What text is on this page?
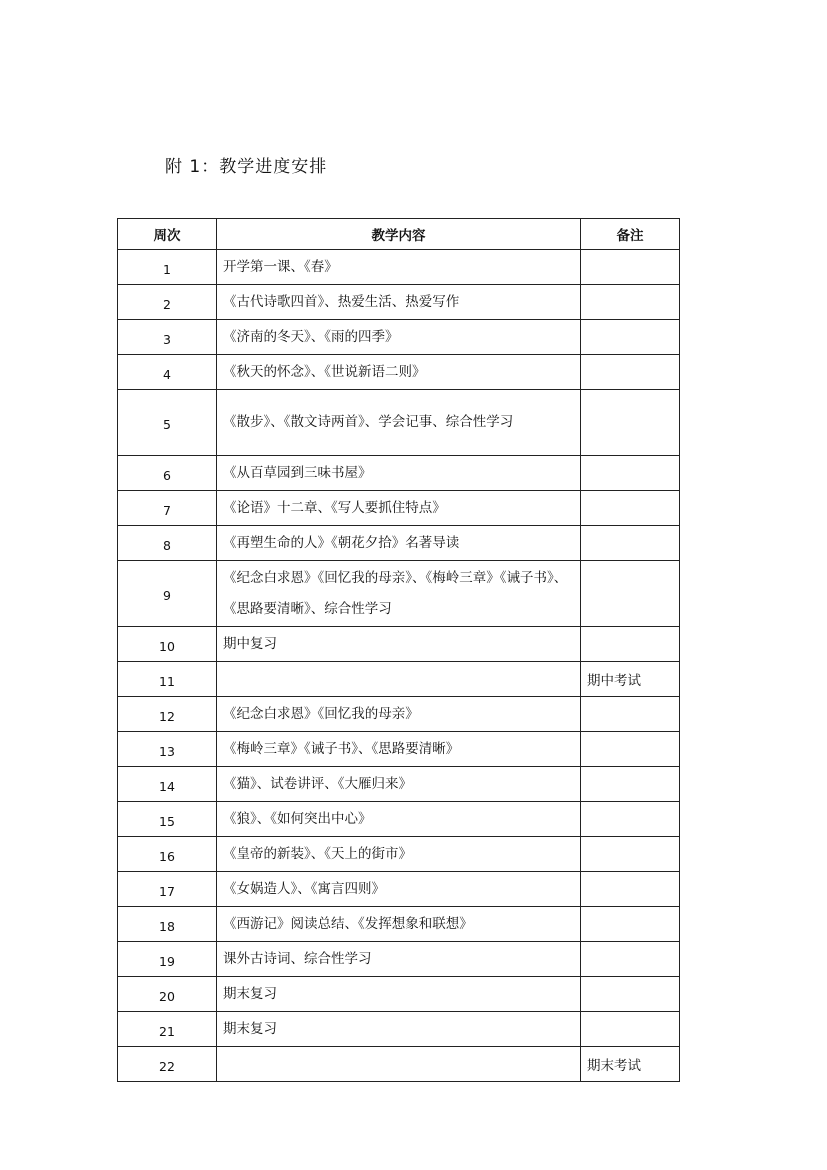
附 1：教学进度安排
周次	教学内容	备注
1	开学第一课、《春》	
2	《古代诗歌四首》、热爱生活、热爱写作	
3	《济南的冬天》、《雨的四季》	
4	《秋天的怀念》、《世说新语二则》	
5	《散步》、《散文诗两首》、学会记事、综合性学习	
6	《从百草园到三味书屋》	
7	《论语》十二章、《写人要抓住特点》	
8	《再塑生命的人》《朝花夕拾》名著导读	
9	《纪念白求恩》《回忆我的母亲》、《梅岭三章》《诫子书》、《思路要清晰》、综合性学习	
10	期中复习	
11		期中考试
12	《纪念白求恩》《回忆我的母亲》	
13	《梅岭三章》《诫子书》、《思路要清晰》	
14	《猫》、试卷讲评、《大雁归来》	
15	《狼》、《如何突出中心》	
16	《皇帝的新装》、《天上的街市》	
17	《女娲造人》、《寓言四则》	
18	《西游记》阅读总结、《发挥想象和联想》	
19	课外古诗词、综合性学习	
20	期末复习	
21	期末复习	
22		期末考试
